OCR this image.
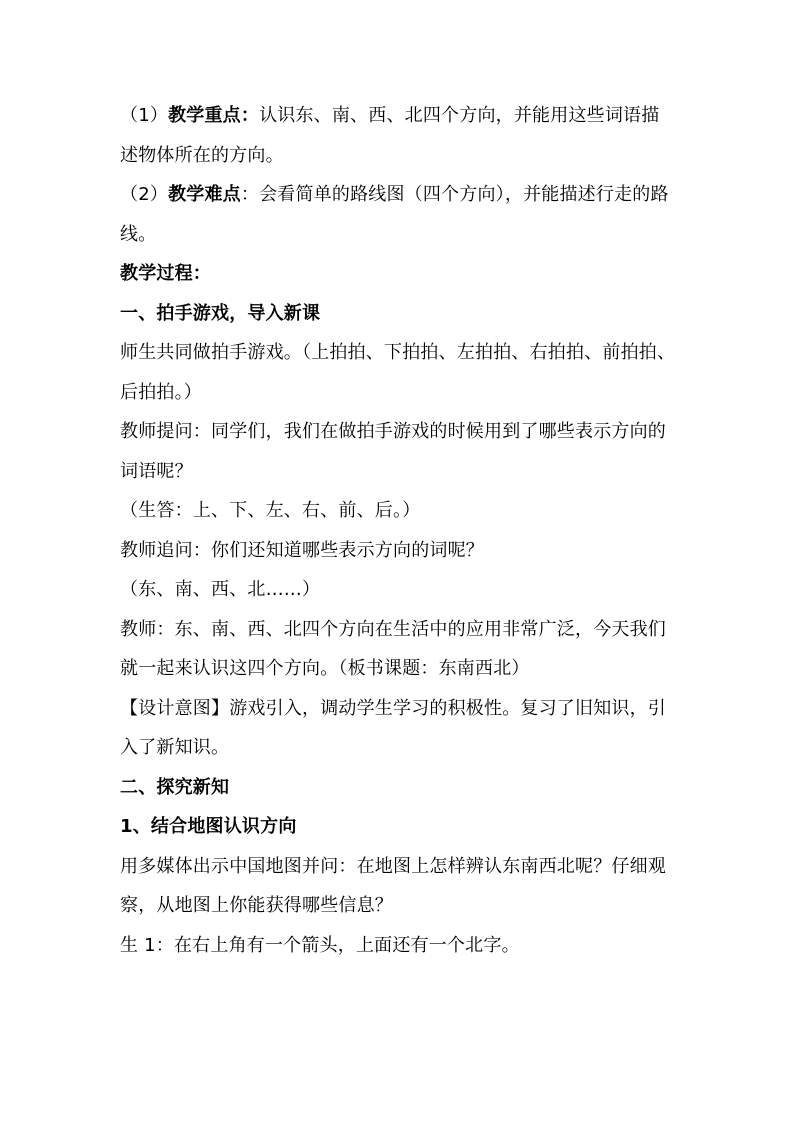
（1）教学重点：认识东、南、西、北四个方向，并能用这些词语描
述物体所在的方向。
（2）教学难点：会看简单的路线图（四个方向），并能描述行走的路
线。
教学过程：
一、拍手游戏，导入新课
师生共同做拍手游戏。（上拍拍、下拍拍、左拍拍、右拍拍、前拍拍、
后拍拍。）
教师提问：同学们，我们在做拍手游戏的时候用到了哪些表示方向的
词语呢？
（生答：上、下、左、右、前、后。）
教师追问：你们还知道哪些表示方向的词呢？
（东、南、西、北……）
教师：东、南、西、北四个方向在生活中的应用非常广泛，今天我们
就一起来认识这四个方向。（板书课题：东南西北）
【设计意图】游戏引入，调动学生学习的积极性。复习了旧知识，引
入了新知识。
二、探究新知
1、结合地图认识方向
用多媒体出示中国地图并问：在地图上怎样辨认东南西北呢？仔细观
察，从地图上你能获得哪些信息？
生 1：在右上角有一个箭头，上面还有一个北字。
